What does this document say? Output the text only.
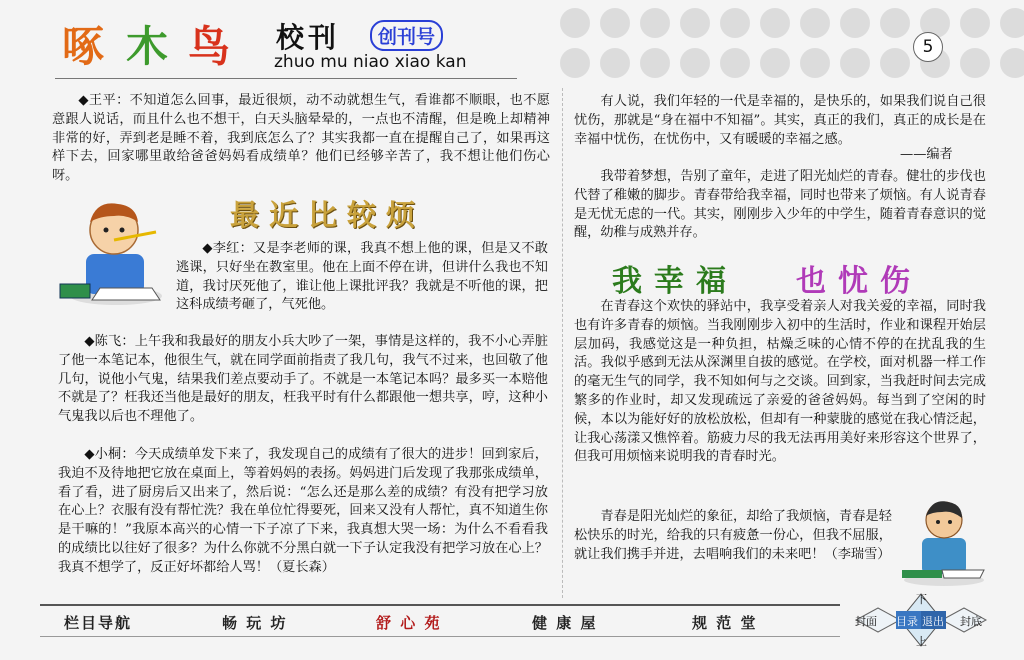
啄 木 鸟 校刊	创刊号
zhuo mu niao xiao kan
5
◆王平：不知道怎么回事，最近很烦，动不动就想生气，看谁都不顺眼，也不愿意跟人说话，而且什么也不想干，白天头脑晕晕的，一点也不清醒，但是晚上却精神非常的好，弄到老是睡不着，我到底怎么了？其实我都一直在提醒自己了，如果再这样下去，回家哪里敢给爸爸妈妈看成绩单？他们已经够辛苦了，我不想让他们伤心呀。
最近比较烦
◆李红：又是李老师的课，我真不想上他的课，但是又不敢逃课，只好坐在教室里。他在上面不停在讲，但讲什么我也不知道，我讨厌死他了，谁让他上课批评我？我就是不听他的课，把这科成绩考砸了，气死他。
◆陈飞：上午我和我最好的朋友小兵大吵了一架，事情是这样的，我不小心弄脏了他一本笔记本，他很生气，就在同学面前指责了我几句，我气不过来，也回敬了他几句，说他小气鬼，结果我们差点要动手了。不就是一本笔记本吗？最多买一本赔他不就是了？枉我还当他是最好的朋友，枉我平时有什么都跟他一想共享，哼，这种小气鬼我以后也不理他了。
◆小桐：今天成绩单发下来了，我发现自己的成绩有了很大的进步！回到家后，我迫不及待地把它放在桌面上，等着妈妈的表扬。妈妈进门后发现了我那张成绩单，看了看，进了厨房后又出来了，然后说：“怎么还是那么差的成绩？有没有把学习放在心上？衣服有没有帮忙洗？我在单位忙得要死，回来又没有人帮忙，真不知道生你是干嘛的！”我原本高兴的心情一下子凉了下来，我真想大哭一场：为什么不看看我的成绩比以往好了很多？为什么你就不分黑白就一下子认定我没有把学习放在心上？我真不想学了，反正好坏都给人骂！（夏长森）
有人说，我们年轻的一代是幸福的，是快乐的，如果我们说自己很忧伤，那就是“身在福中不知福”。其实，真正的我们，真正的成长是在幸福中忧伤，在忧伤中，又有暖暖的幸福之感。
——编者
我带着梦想，告别了童年，走进了阳光灿烂的青春。健壮的步伐也代替了稚嫩的脚步。青春带给我幸福，同时也带来了烦恼。有人说青春是无忧无虑的一代。其实，刚刚步入少年的中学生，随着青春意识的觉醒，幼稚与成熟并存。
我幸福 也忧伤
在青春这个欢快的驿站中，我享受着亲人对我关爱的幸福，同时我也有许多青春的烦恼。当我刚刚步入初中的生活时，作业和课程开始层层加码，我感觉这是一种负担，枯燥乏味的心情不停的在扰乱我的生活。我似乎感到无法从深渊里自拔的感觉。在学校，面对机器一样工作的毫无生气的同学，我不知如何与之交谈。回到家，当我赶时间去完成繁多的作业时，却又发现疏远了亲爱的爸爸妈妈。每当到了空闲的时候，本以为能好好的放松放松，但却有一种蒙胧的感觉在我心情泛起，让我心荡漾又憔悴着。筋疲力尽的我无法再用美好来形容这个世界了，但我可用烦恼来说明我的青春时光。
青春是阳光灿烂的象征，却给了我烦恼，青春是轻松快乐的时光，给我的只有疲惫一份心，但我不屈服，就让我们携手并进，去唱响我们的未来吧！（李瑞雪）
栏目导航	畅 玩 坊	舒 心 苑	健 康 屋	规 范 堂
下
上
封面	封底
目录 退出
